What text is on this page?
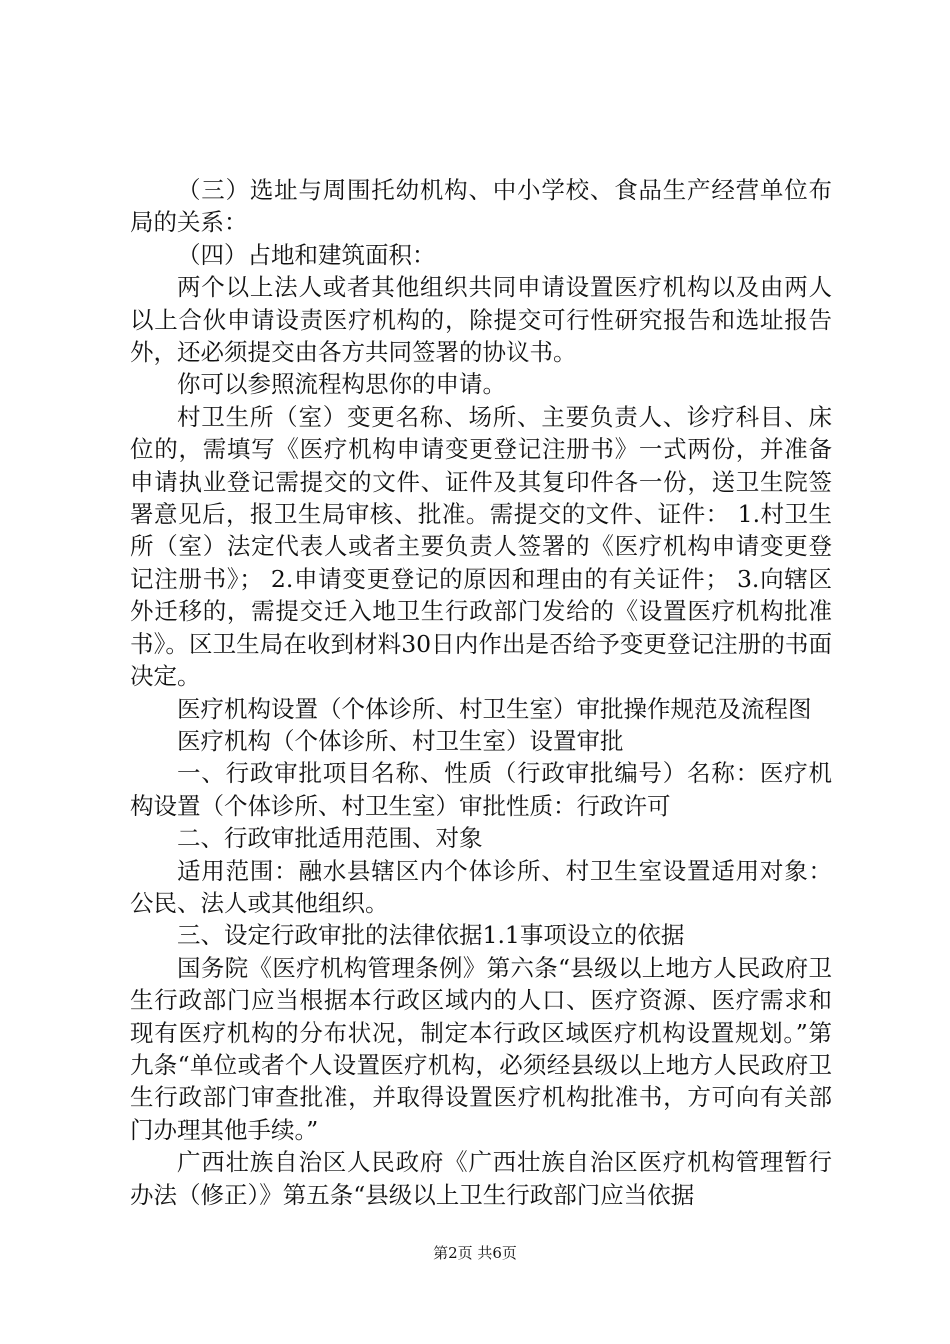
（三）选址与周围托幼机构、中小学校、食品生产经营单位布局的关系：

（四）占地和建筑面积：

两个以上法人或者其他组织共同申请设置医疗机构以及由两人以上合伙申请设责医疗机构的，除提交可行性研究报告和选址报告外，还必须提交由各方共同签署的协议书。

你可以参照流程构思你的申请。

村卫生所（室）变更名称、场所、主要负责人、诊疗科目、床位的，需填写《医疗机构申请变更登记注册书》一式两份，并准备申请执业登记需提交的文件、证件及其复印件各一份，送卫生院签署意见后，报卫生局审核、批准。需提交的文件、证件： 1.村卫生所（室）法定代表人或者主要负责人签署的《医疗机构申请变更登记注册书》； 2.申请变更登记的原因和理由的有关证件； 3.向辖区外迁移的，需提交迁入地卫生行政部门发给的《设置医疗机构批准书》。区卫生局在收到材料30日内作出是否给予变更登记注册的书面决定。

医疗机构设置（个体诊所、村卫生室）审批操作规范及流程图

医疗机构（个体诊所、村卫生室）设置审批

一、行政审批项目名称、性质（行政审批编号）名称：医疗机构设置（个体诊所、村卫生室）审批性质：行政许可

二、行政审批适用范围、对象

适用范围：融水县辖区内个体诊所、村卫生室设置适用对象：公民、法人或其他组织。

三、设定行政审批的法律依据1.1事项设立的依据

国务院《医疗机构管理条例》第六条“县级以上地方人民政府卫生行政部门应当根据本行政区域内的人口、医疗资源、医疗需求和现有医疗机构的分布状况，制定本行政区域医疗机构设置规划。”第九条“单位或者个人设置医疗机构，必须经县级以上地方人民政府卫生行政部门审查批准，并取得设置医疗机构批准书，方可向有关部门办理其他手续。”

广西壮族自治区人民政府《广西壮族自治区医疗机构管理暂行办法（修正）》第五条“县级以上卫生行政部门应当依据

第2页 共6页
